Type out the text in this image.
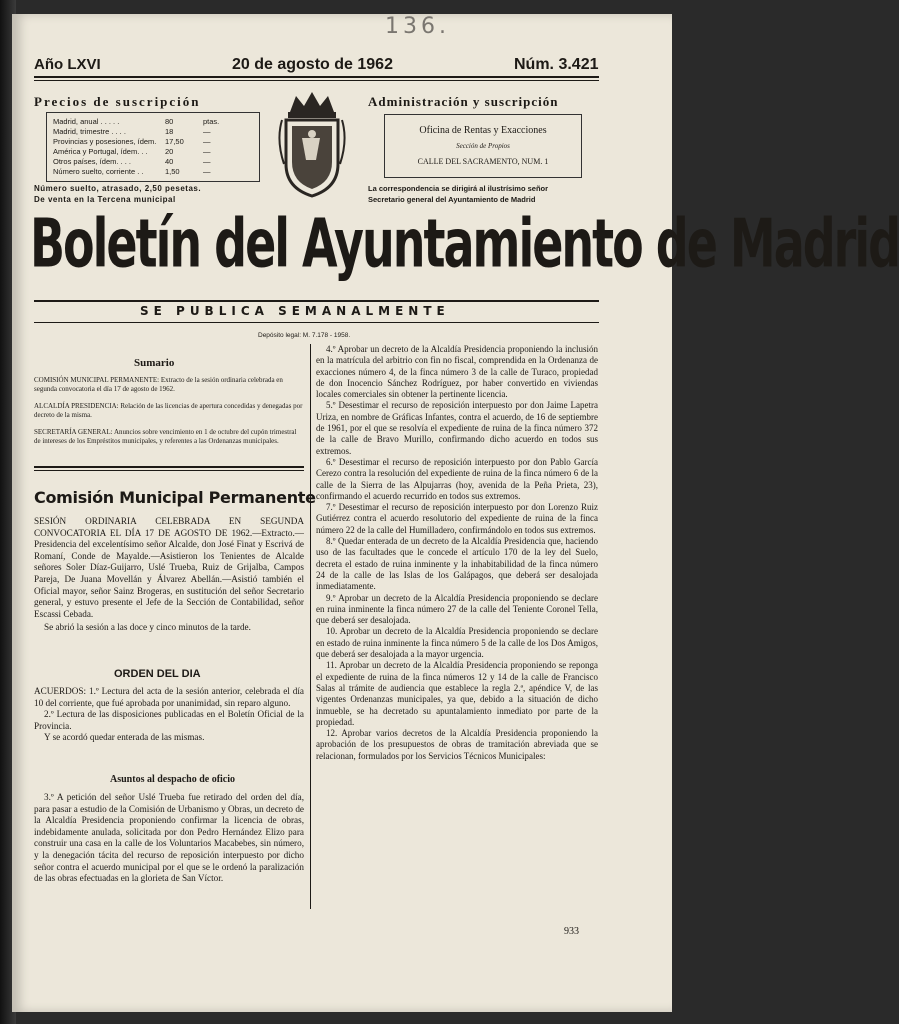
136.
Año LXVI	20 de agosto de 1962	Núm. 3.421
Precios de suscripción
Madrid, anual . . . . .	80	ptas.
Madrid, trimestre . . . .	18	—
Provincias y posesiones, ídem. 17,50	—
América y Portugal, ídem. . . 20	—
Otros países, ídem. . . .	40	—
Número suelto, corriente . .	1,50	—
Número suelto, atrasado, 2,50 pesetas.
De venta en la Tercena municipal
Administración y suscripción
Oficina de Rentas y Exacciones
Sección de Propios
CALLE DEL SACRAMENTO, NUM. 1
La correspondencia se dirigirá al ilustrísimo señor
Secretario general del Ayuntamiento de Madrid
Boletín del Ayuntamiento de Madrid
SE PUBLICA SEMANALMENTE
Depósito legal: M. 7.178 - 1958.
Sumario
COMISIÓN MUNICIPAL PERMANENTE: Extracto de la sesión ordinaria celebrada en segunda convocatoria el día 17 de agosto de 1962.
ALCALDÍA PRESIDENCIA: Relación de las licencias de apertura concedidas y denegadas por decreto de la misma.
SECRETARÍA GENERAL: Anuncios sobre vencimiento en 1 de octubre del cupón trimestral de intereses de los Empréstitos municipales, y referentes a las Ordenanzas municipales.
Comisión Municipal Permanente

SESIÓN ORDINARIA CELEBRADA EN SEGUNDA CONVOCATORIA EL DÍA 17 DE AGOSTO DE 1962.—Extracto.—Presidencia del excelentísimo señor Alcalde, don José Finat y Escrivá de Romaní, Conde de Mayalde.—Asistieron los Tenientes de Alcalde señores Soler Díaz-Guijarro, Uslé Trueba, Ruiz de Grijalba, Campos Pareja, De Juana Movellán y Álvarez Abellán.—Asistió también el Oficial mayor, señor Sainz Brogeras, en sustitución del señor Secretario general, y estuvo presente el Jefe de la Sección de Contabilidad, señor Escassi Cebada.

Se abrió la sesión a las doce y cinco minutos de la tarde.

ORDEN DEL DIA

ACUERDOS: 1.º Lectura del acta de la sesión anterior, celebrada el día 10 del corriente, que fué aprobada por unanimidad, sin reparo alguno.

2.º Lectura de las disposiciones publicadas en el Boletín Oficial de la Provincia.

Y se acordó quedar enterada de las mismas.

Asuntos al despacho de oficio
3.º A petición del señor Uslé Trueba fue retirado del orden del día, para pasar a estudio de la Comisión de Urbanismo y Obras, un decreto de la Alcaldía Presidencia proponiendo confirmar la licencia de obras, indebidamente anulada, solicitada por don Pedro Hernández Elizo para construir una casa en la calle de los Voluntarios Macabebes, sin número, y la denegación tácita del recurso de reposición interpuesto por dicho señor contra el acuerdo municipal por el que se le ordenó la paralización de las obras efectuadas en la glorieta de San Víctor.

4.º Aprobar un decreto de la Alcaldía Presidencia proponiendo la inclusión en la matrícula del arbitrio con fin no fiscal, comprendida en la Ordenanza de exacciones número 4, de la finca número 3 de la calle de Turaco, propiedad de don Inocencio Sánchez Rodríguez, por haber convertido en viviendas locales comerciales sin obtener la pertinente licencia.

5.º Desestimar el recurso de reposición interpuesto por don Jaime Lapetra Uriza, en nombre de Gráficas Infantes, contra el acuerdo, de 16 de septiembre de 1961, por el que se resolvía el expediente de ruina de la finca número 372 de la calle de Bravo Murillo, confirmando dicho acuerdo en todos sus extremos.

6.º Desestimar el recurso de reposición interpuesto por don Pablo García Cerezo contra la resolución del expediente de ruina de la finca número 6 de la calle de la Sierra de las Alpujarras (hoy, avenida de la Peña Prieta, 23), confirmando el acuerdo recurrido en todos sus extremos.

7.º Desestimar el recurso de reposición interpuesto por don Lorenzo Ruiz Gutiérrez contra el acuerdo resolutorio del expediente de ruina de la finca número 22 de la calle del Humilladero, confirmándolo en todos sus extremos.

8.º Quedar enterada de un decreto de la Alcaldía Presidencia que, haciendo uso de las facultades que le concede el artículo 170 de la ley del Suelo, decreta el estado de ruina inminente y la inhabitabilidad de la finca número 24 de la calle de las Islas de los Galápagos, que deberá ser desalojada inmediatamente.

9.º Aprobar un decreto de la Alcaldía Presidencia proponiendo se declare en ruina inminente la finca número 27 de la calle del Teniente Coronel Tella, que deberá ser desalojada.

10. Aprobar un decreto de la Alcaldía Presidencia proponiendo se declare en estado de ruina inminente la finca número 5 de la calle de los Dos Amigos, que deberá ser desalojada a la mayor urgencia.

11. Aprobar un decreto de la Alcaldía Presidencia proponiendo se reponga el expediente de ruina de la finca números 12 y 14 de la calle de Francisco Salas al trámite de audiencia que establece la regla 2.ª, apéndice V, de las vigentes Ordenanzas municipales, ya que, debido a la situación de dicho inmueble, se ha decretado su apuntalamiento inmediato por parte de la propiedad.

12. Aprobar varios decretos de la Alcaldía Presidencia proponiendo la aprobación de los presupuestos de obras de tramitación abreviada que se relacionan, formulados por los Servicios Técnicos Municipales:

933
